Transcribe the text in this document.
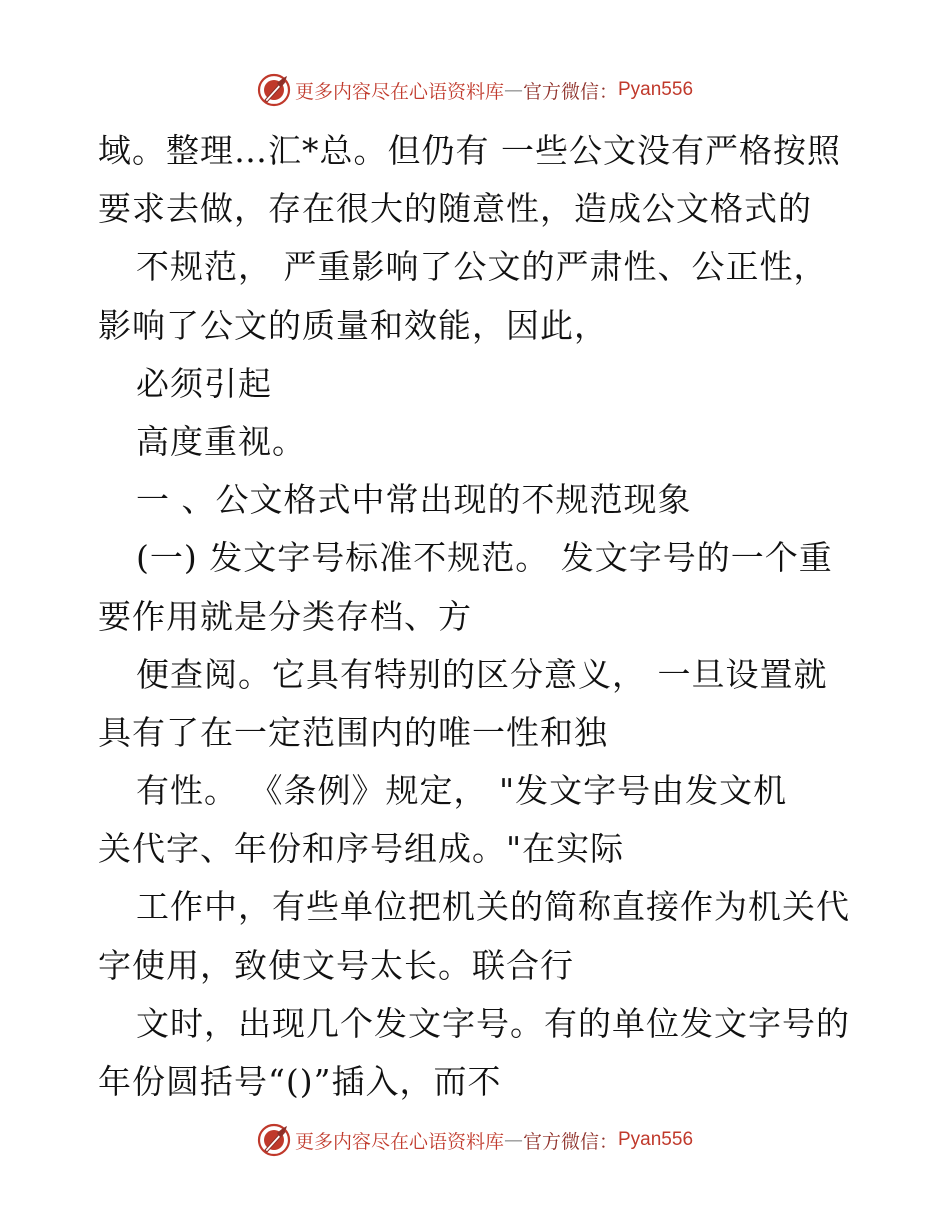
更多内容尽在心语资料库 — 官方微信： Pyan556
域。整理…汇*总。但仍有 一些公文没有严格按照
要求去做，存在很大的随意性，造成公文格式的
不规范， 严重影响了公文的严肃性、公正性，
影响了公文的质量和效能，因此，
必须引起
高度重视。
一 、公文格式中常出现的不规范现象
(一) 发文字号标准不规范。 发文字号的一个重
要作用就是分类存档、方
便查阅。它具有特别的区分意义， 一旦设置就
具有了在一定范围内的唯一性和独
有性。 《条例》规定， "发文字号由发文机
关代字、年份和序号组成。"在实际
工作中，有些单位把机关的简称直接作为机关代
字使用，致使文号太长。联合行
文时，出现几个发文字号。有的单位发文字号的
年份圆括号“()”插入，而不
更多内容尽在心语资料库 — 官方微信： Pyan556
